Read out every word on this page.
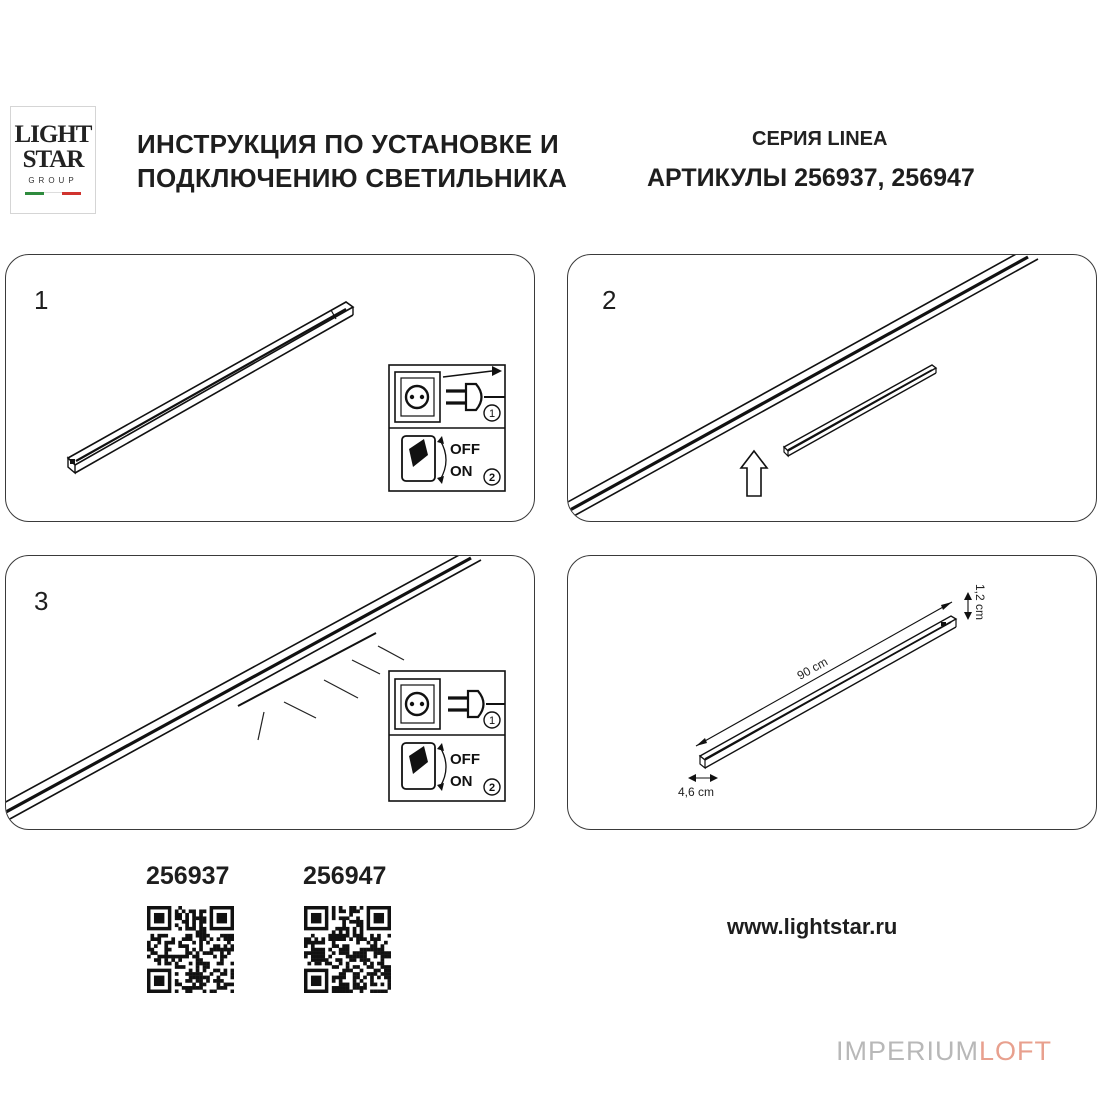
LIGHT
STAR
GROUP
ИНСТРУКЦИЯ ПО УСТАНОВКЕ И
ПОДКЛЮЧЕНИЮ СВЕТИЛЬНИКА
СЕРИЯ LINEA
АРТИКУЛЫ 256937, 256947
1
1
OFF
ON 2
2
3
1
OFF
ON 2
90 cm
1,2 cm
4,6 cm
256937	256947
www.lightstar.ru
IMPERIUMLOFT
